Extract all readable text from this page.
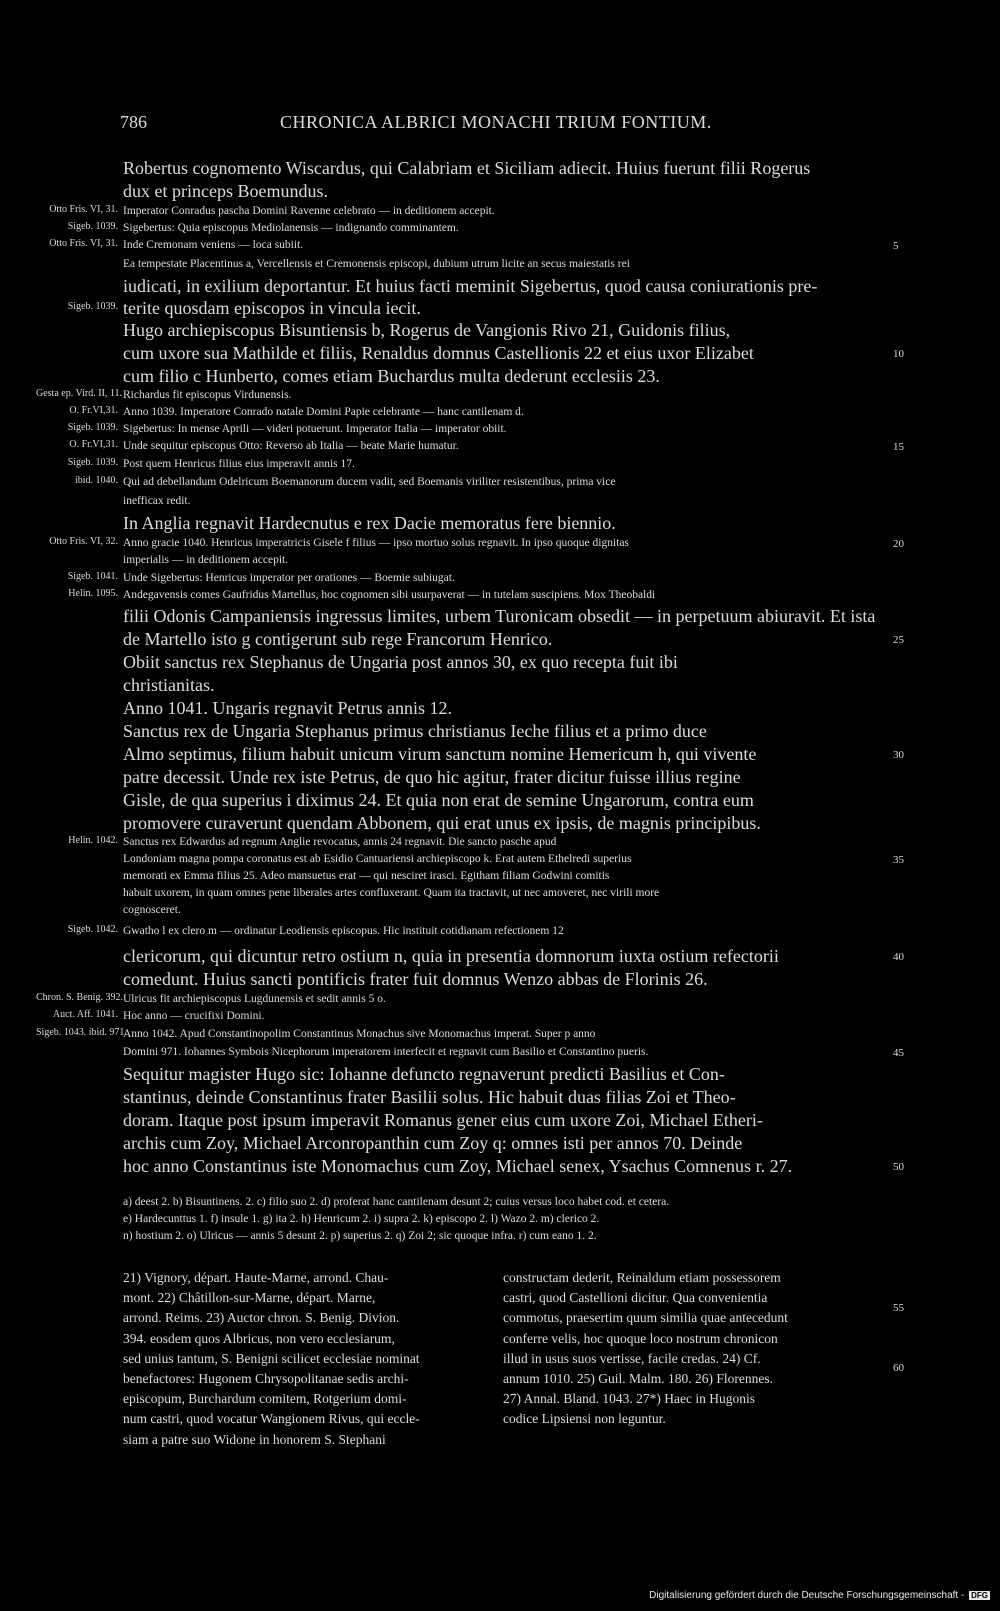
786	CHRONICA ALBRICI MONACHI TRIUM FONTIUM.
Robertus cognomento Wiscardus, qui Calabriam et Siciliam adiecit. Huius fuerunt filii Rogerus
dux et princeps Boemundus.
Otto Fris. VI, 31. Imperator Conradus pascha Domini Ravenne celebrato — in deditionem accepit.
Sigeb. 1039. Sigebertus: Quia episcopus Mediolanensis — indignando comminantem.
Otto Fris. VI, 31. Inde Cremonam veniens — loca subiit.	5
Ea tempestate Placentinus a, Vercellensis et Cremonensis episcopi, dubium utrum licite an secus maiestatis rei
iudicati, in exilium deportantur. Et huius facti meminit Sigebertus, quod causa coniurationis pre-
Sigeb. 1039. terite quosdam episcopos in vincula iecit.
Hugo archiepiscopus Bisuntiensis b, Rogerus de Vangionis Rivo 21, Guidonis filius,
cum uxore sua Mathilde et filiis, Renaldus domnus Castellionis 22 et eius uxor Elizabet	10
cum filio c Hunberto, comes etiam Buchardus multa dederunt ecclesiis 23.
Gesta ep. Vird. II, 11. Richardus fit episcopus Virdunensis.
O. Fr.VI,31. Anno 1039. Imperatore Conrado natale Domini Papie celebrante — hanc cantilenam d.
Sigeb. 1039. Sigebertus: In mense Aprili — videri potuerunt. Imperator Italia — imperator obiit.
O. Fr.VI,31. Unde sequitur episcopus Otto: Reverso ab Italia — beate Marie humatur.	15
Sigeb. 1039. Post quem Henricus filius eius imperavit annis 17.
ibid. 1040. Qui ad debellandum Odelricum Boemanorum ducem vadit, sed Boemanis viriliter resistentibus, prima vice
inefficax redit.
In Anglia regnavit Hardecnutus e rex Dacie memoratus fere biennio.
Otto Fris. VI, 32. Anno gracie 1040. Henricus imperatricis Gisele f filius — ipso mortuo solus regnavit. In ipso quoque dignitas	20
imperialis — in deditionem accepit.
Sigeb. 1041. Unde Sigebertus: Henricus imperator per orationes — Boemie subiugat.
Helin. 1095. Andegavensis comes Gaufridus Martellus, hoc cognomen sibi usurpaverat — in tutelam suscipiens. Mox Theobaldi
filii Odonis Campaniensis ingressus limites, urbem Turonicam obsedit — in perpetuum abiuravit. Et ista
de Martello isto g contigerunt sub rege Francorum Henrico.	25
Obiit sanctus rex Stephanus de Ungaria post annos 30, ex quo recepta fuit ibi
christianitas.
Anno 1041. Ungaris regnavit Petrus annis 12.
Sanctus rex de Ungaria Stephanus primus christianus Ieche filius et a primo duce
Almo septimus, filium habuit unicum virum sanctum nomine Hemericum h, qui vivente	30
patre decessit. Unde rex iste Petrus, de quo hic agitur, frater dicitur fuisse illius regine
Gisle, de qua superius i diximus 24. Et quia non erat de semine Ungarorum, contra eum
promovere curaverunt quendam Abbonem, qui erat unus ex ipsis, de magnis principibus.
Helin. 1042. Sanctus rex Edwardus ad regnum Anglie revocatus, annis 24 regnavit. Die sancto pasche apud
Londoniam magna pompa coronatus est ab Esidio Cantuariensi archiepiscopo k. Erat autem Ethelredi superius	35
memorati ex Emma filius 25. Adeo mansuetus erat — qui nesciret irasci. Egitham filiam Godwini comitis
habuit uxorem, in quam omnes pene liberales artes confluxerant. Quam ita tractavit, ut nec amoveret, nec virili more
cognosceret.
Sigeb. 1042. Gwatho l ex clero m — ordinatur Leodiensis episcopus. Hic instituit cotidianam refectionem 12
clericorum, qui dicuntur retro ostium n, quia in presentia domnorum iuxta ostium refectorii	40
comedunt. Huius sancti pontificis frater fuit domnus Wenzo abbas de Florinis 26.
Chron. S. Benig. 392. Ulricus fit archiepiscopus Lugdunensis et sedit annis 5 o.
Auct. Aff. 1041. Hoc anno — crucifixi Domini.
Sigeb. 1043. ibid. 971.
Anno 1042. Apud Constantinopolim Constantinus Monachus sive Monomachus imperat. Super p anno
Domini 971. Iohannes Symbois Nicephorum imperatorem interfecit et regnavit cum Basilio et Constantino pueris.	45
Sequitur magister Hugo sic: Iohanne defuncto regnaverunt predicti Basilius et Con-
stantinus, deinde Constantinus frater Basilii solus. Hic habuit duas filias Zoi et Theo-
doram. Itaque post ipsum imperavit Romanus gener eius cum uxore Zoi, Michael Etheri-
archis cum Zoy, Michael Arconropanthin cum Zoy q: omnes isti per annos 70. Deinde
hoc anno Constantinus iste Monomachus cum Zoy, Michael senex, Ysachus Comnenus r. 27.	50
a) deest 2. b) Bisuntinens. 2. c) filio suo 2. d) proferat hanc cantilenam desunt 2; cuius versus loco habet cod. et cetera.
e) Hardecunttus 1. f) insule 1. g) ita 2. h) Henricum 2. i) supra 2. k) episcopo 2. l) Wazo 2. m) clerico 2.
n) hostium 2. o) Ulricus — annis 5 desunt 2. p) superius 2. q) Zoi 2; sic quoque infra. r) cum eano 1. 2.
21) Vignory, départ. Haute-Marne, arrond. Chau-
mont. 22) Châtillon-sur-Marne, départ. Marne,
arrond. Reims. 23) Auctor chron. S. Benig. Divion.
394. eosdem quos Albricus, non vero ecclesiarum,
sed unius tantum, S. Benigni scilicet ecclesiae nominat
benefactores: Hugonem Chrysopolitanae sedis archi-
episcopum, Burchardum comitem, Rotgerium domi-
num castri, quod vocatur Wangionem Rivus, qui eccle-
siam a patre suo Widone in honorem S. Stephani
constructam dederit, Reinaldum etiam possessorem
castri, quod Castellioni dicitur. Qua convenientia
commotus, praesertim quum similia quae antecedunt
conferre velis, hoc quoque loco nostrum chronicon
illud in usus suos vertisse, facile credas. 24) Cf.
annum 1010. 25) Guil. Malm. 180. 26) Florennes.
27) Annal. Bland. 1043. 27*) Haec in Hugonis
codice Lipsiensi non leguntur.
55
60
Digitalisierung gefördert durch die Deutsche Forschungsgemeinschaft - DFG
